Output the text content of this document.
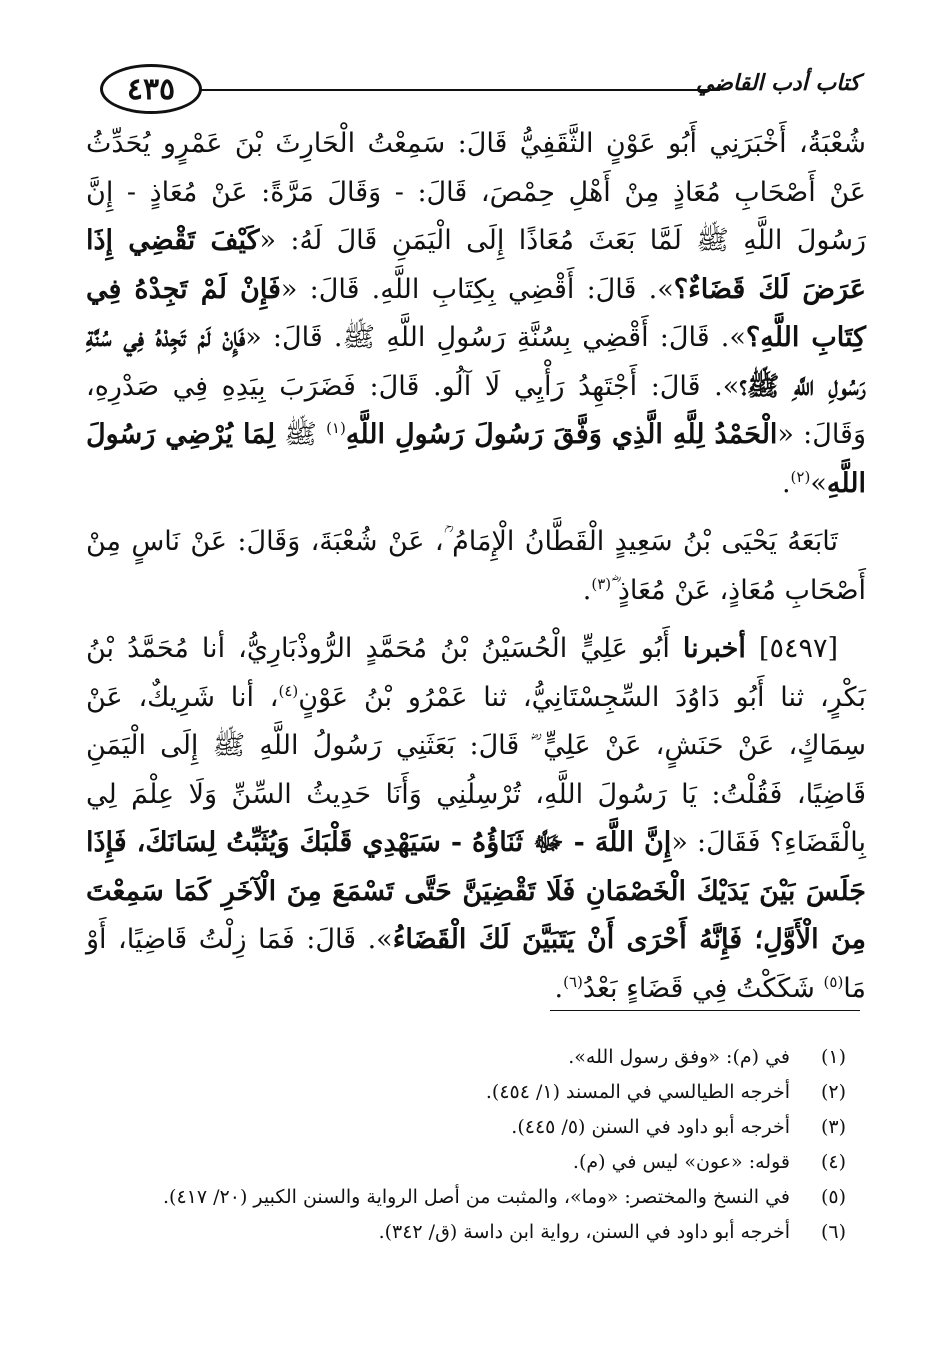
٤٣٥	كتاب أدب القاضي

شُعْبَةُ، أَخْبَرَنِي أَبُو عَوْنٍ الثَّقَفِيُّ قَالَ: سَمِعْتُ الْحَارِثَ بْنَ عَمْرٍو يُحَدِّثُ عَنْ أَصْحَابِ مُعَاذٍ مِنْ أَهْلِ حِمْصَ، قَالَ: - وَقَالَ مَرَّةً: عَنْ مُعَاذٍ - إِنَّ رَسُولَ اللَّهِ ﷺ لَمَّا بَعَثَ مُعَاذًا إِلَى الْيَمَنِ قَالَ لَهُ: «كَيْفَ تَقْضِي إِذَا عَرَضَ لَكَ قَضَاءٌ؟». قَالَ: أَقْضِي بِكِتَابِ اللَّهِ. قَالَ: «فَإِنْ لَمْ تَجِدْهُ فِي كِتَابِ اللَّهِ؟». قَالَ: أَقْضِي بِسُنَّةِ رَسُولِ اللَّهِ ﷺ. قَالَ: «فَإِنْ لَمْ تَجِدْهُ فِي سُنَّةِ رَسُولِ اللَّهِ ﷺ؟». قَالَ: أَجْتَهِدُ رَأْيِي لَا آلُو. قَالَ: فَضَرَبَ بِيَدِهِ فِي صَدْرِهِ، وَقَالَ: «الْحَمْدُ لِلَّهِ الَّذِي وَفَّقَ رَسُولَ رَسُولِ اللَّهِ$^{(١)}$ ﷺ لِمَا يُرْضِي رَسُولَ اللَّهِ»$^{(٢)}$.

تَابَعَهُ يَحْيَى بْنُ سَعِيدٍ الْقَطَّانُ الْإِمَامُ ؒ، عَنْ شُعْبَةَ، وَقَالَ: عَنْ نَاسٍ مِنْ أَصْحَابِ مُعَاذٍ، عَنْ مُعَاذٍ ؓ$^{(٣)}$.

[٥٤٩٧] أخبرنا أَبُو عَلِيٍّ الْحُسَيْنُ بْنُ مُحَمَّدٍ الرُّوذْبَارِيُّ، أنا مُحَمَّدُ بْنُ بَكْرٍ، ثنا أَبُو دَاوُدَ السِّجِسْتَانِيُّ، ثنا عَمْرُو بْنُ عَوْنٍ$^{(٤)}$، أنا شَرِيكٌ، عَنْ سِمَاكٍ، عَنْ حَنَشٍ، عَنْ عَلِيٍّ ؓ قَالَ: بَعَثَنِي رَسُولُ اللَّهِ ﷺ إِلَى الْيَمَنِ قَاضِيًا، فَقُلْتُ: يَا رَسُولَ اللَّهِ، تُرْسِلُنِي وَأَنَا حَدِيثُ السِّنِّ وَلَا عِلْمَ لِي بِالْقَضَاءِ؟ فَقَالَ: «إِنَّ اللَّهَ - ﷻ ثَنَاؤُهُ - سَيَهْدِي قَلْبَكَ وَيُثَبِّتُ لِسَانَكَ، فَإِذَا جَلَسَ بَيْنَ يَدَيْكَ الْخَصْمَانِ فَلَا تَقْضِيَنَّ حَتَّى تَسْمَعَ مِنَ الْآخَرِ كَمَا سَمِعْتَ مِنَ الْأَوَّلِ؛ فَإِنَّهُ أَحْرَى أَنْ يَتَبَيَّنَ لَكَ الْقَضَاءُ». قَالَ: فَمَا زِلْتُ قَاضِيًا، أَوْ مَا$^{(٥)}$ شَكَكْتُ فِي قَضَاءٍ بَعْدُ$^{(٦)}$.

(١)
في (م): «وفق رسول الله».
(٢)
أخرجه الطيالسي في المسند (١/ ٤٥٤).
(٣)
أخرجه أبو داود في السنن (٥/ ٤٤٥).
(٤)
قوله: «عون» ليس في (م).
(٥)
في النسخ والمختصر: «وما»، والمثبت من أصل الرواية والسنن الكبير (٢٠/ ٤١٧).
(٦)
أخرجه أبو داود في السنن، رواية ابن داسة (ق/ ٣٤٢).
